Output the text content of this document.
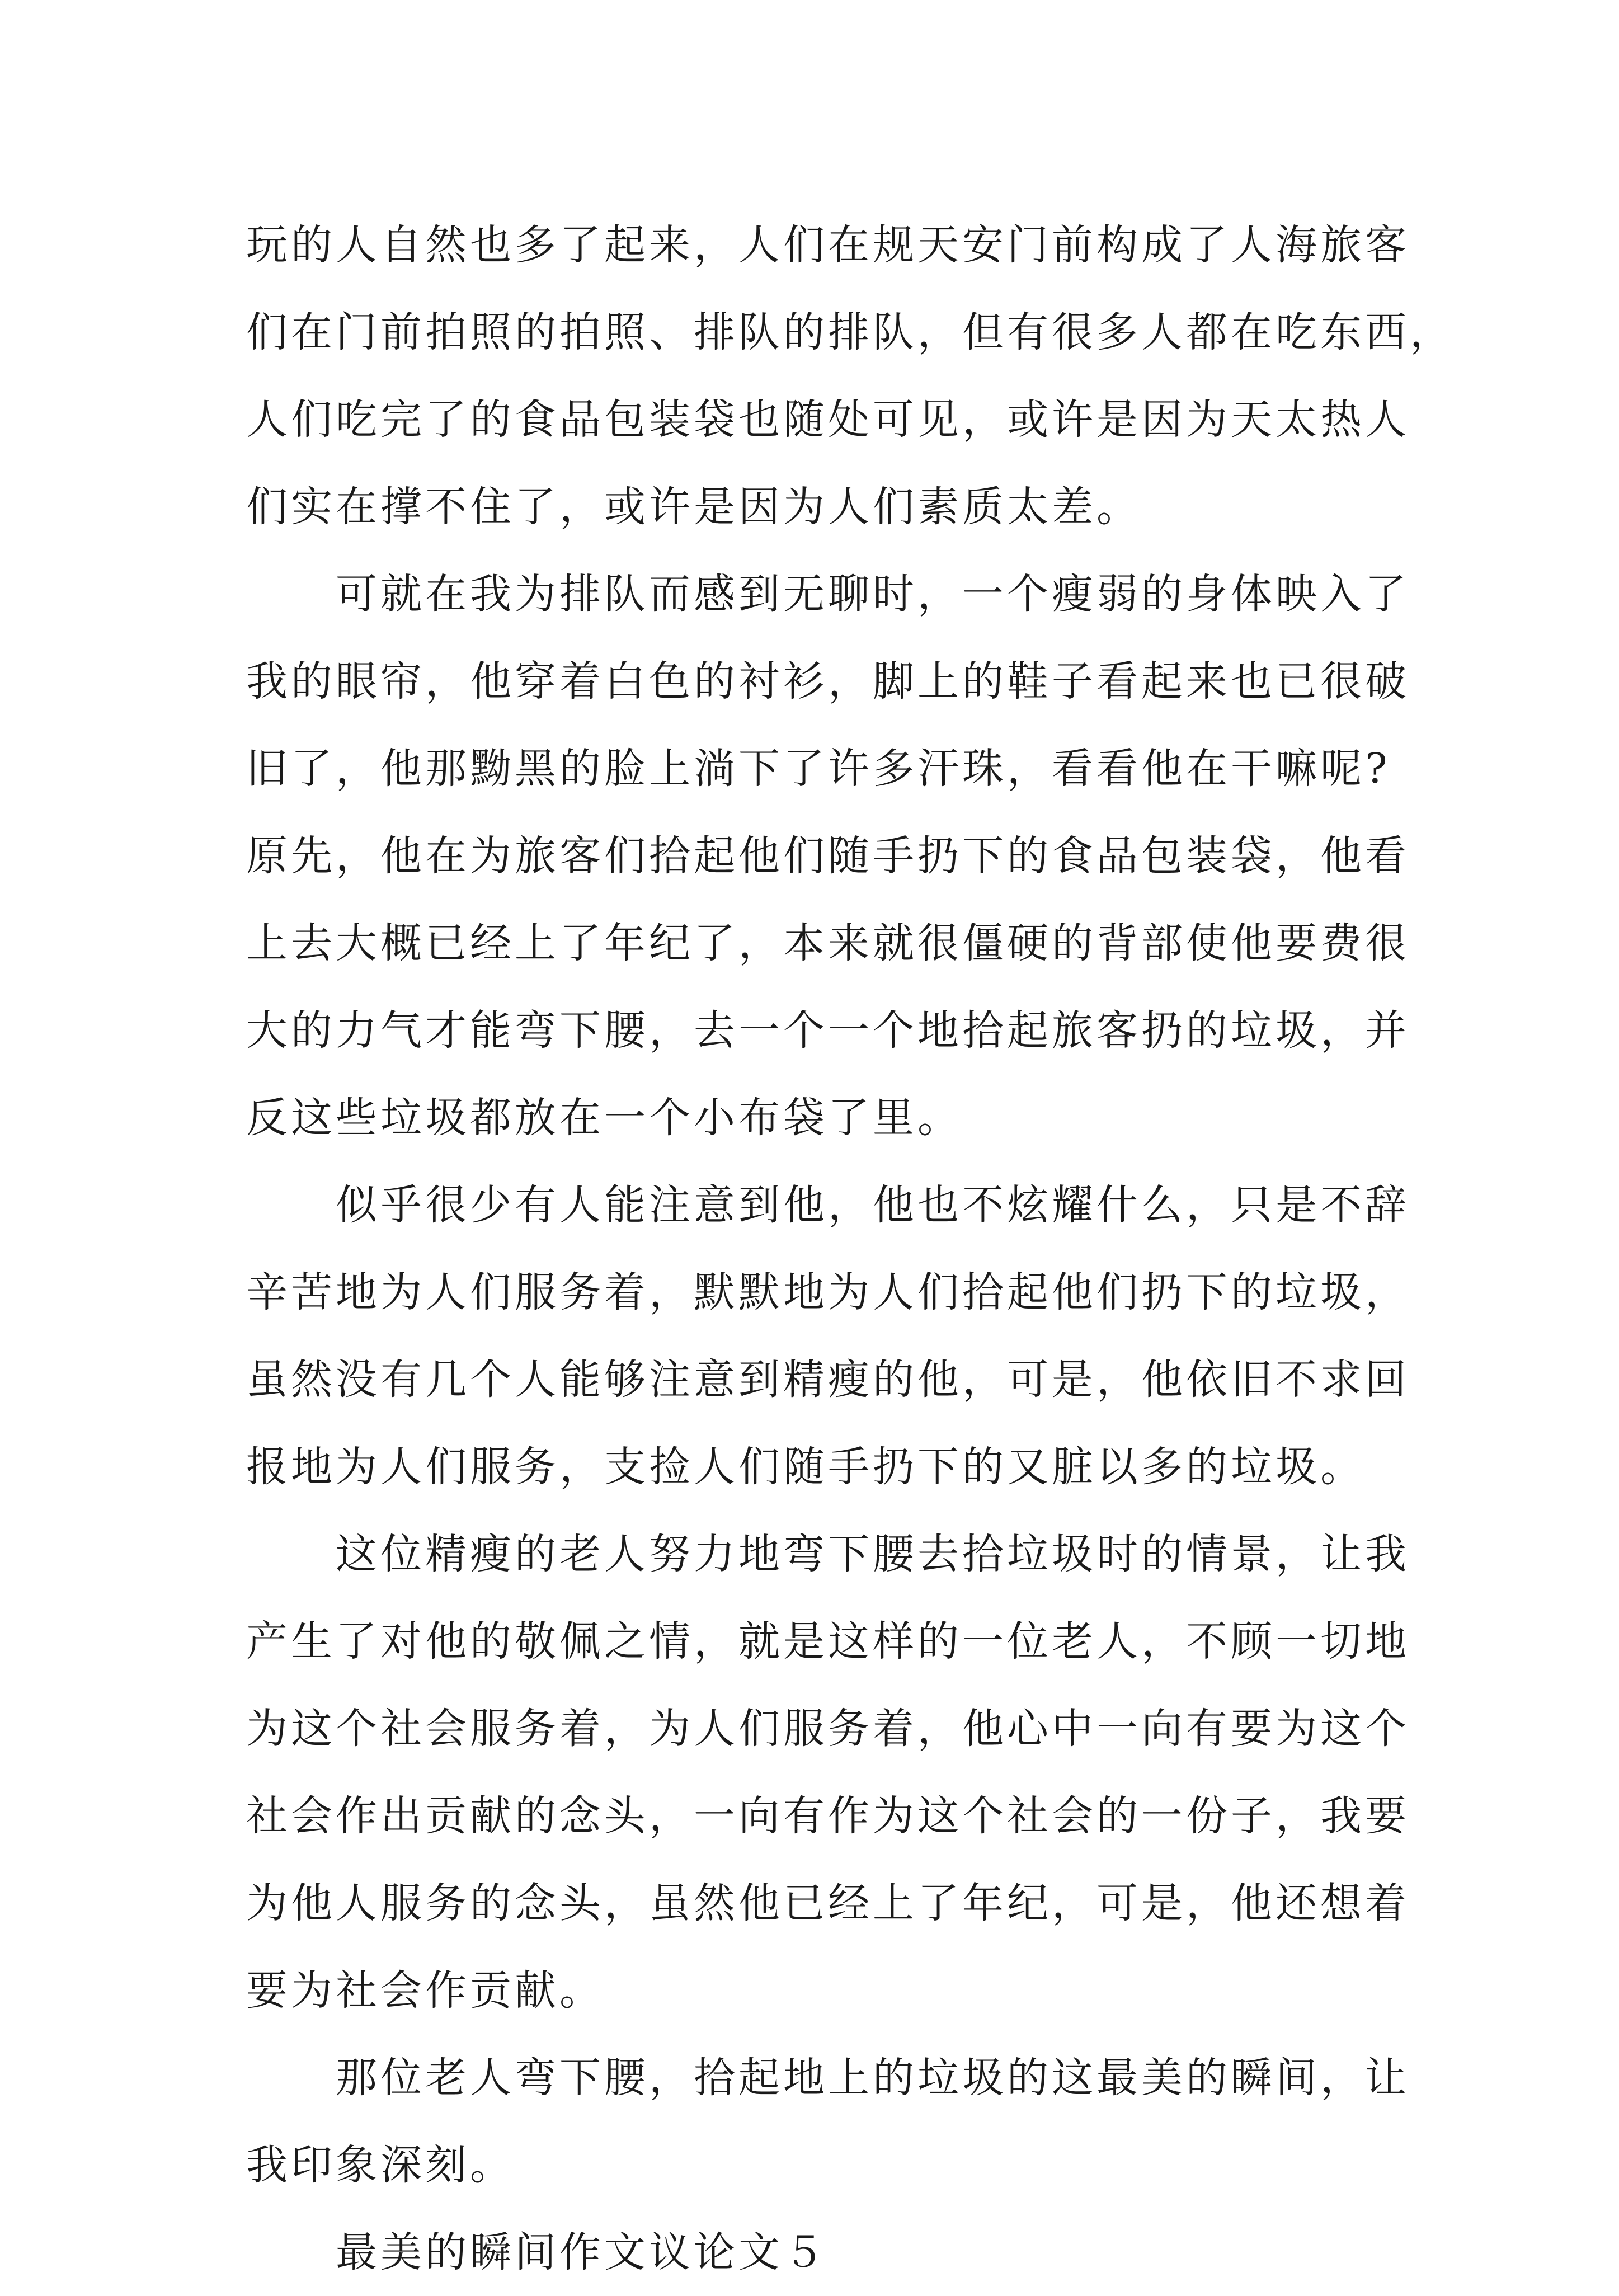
玩的人自然也多了起来，人们在规天安门前构成了人海旅客
们在门前拍照的拍照、排队的排队，但有很多人都在吃东西，
人们吃完了的食品包装袋也随处可见，或许是因为天太热人
们实在撑不住了，或许是因为人们素质太差。
可就在我为排队而感到无聊时，一个瘦弱的身体映入了
我的眼帘，他穿着白色的衬衫，脚上的鞋子看起来也已很破
旧了，他那黝黑的脸上淌下了许多汗珠，看看他在干嘛呢?
原先，他在为旅客们拾起他们随手扔下的食品包装袋，他看
上去大概已经上了年纪了，本来就很僵硬的背部使他要费很
大的力气才能弯下腰，去一个一个地拾起旅客扔的垃圾，并
反这些垃圾都放在一个小布袋了里。
似乎很少有人能注意到他，他也不炫耀什么，只是不辞
辛苦地为人们服务着，默默地为人们拾起他们扔下的垃圾，
虽然没有几个人能够注意到精瘦的他，可是，他依旧不求回
报地为人们服务，支捡人们随手扔下的又脏以多的垃圾。
这位精瘦的老人努力地弯下腰去拾垃圾时的情景，让我
产生了对他的敬佩之情，就是这样的一位老人，不顾一切地
为这个社会服务着，为人们服务着，他心中一向有要为这个
社会作出贡献的念头，一向有作为这个社会的一份子，我要
为他人服务的念头，虽然他已经上了年纪，可是，他还想着
要为社会作贡献。
那位老人弯下腰，拾起地上的垃圾的这最美的瞬间，让
我印象深刻。
最美的瞬间作文议论文５
